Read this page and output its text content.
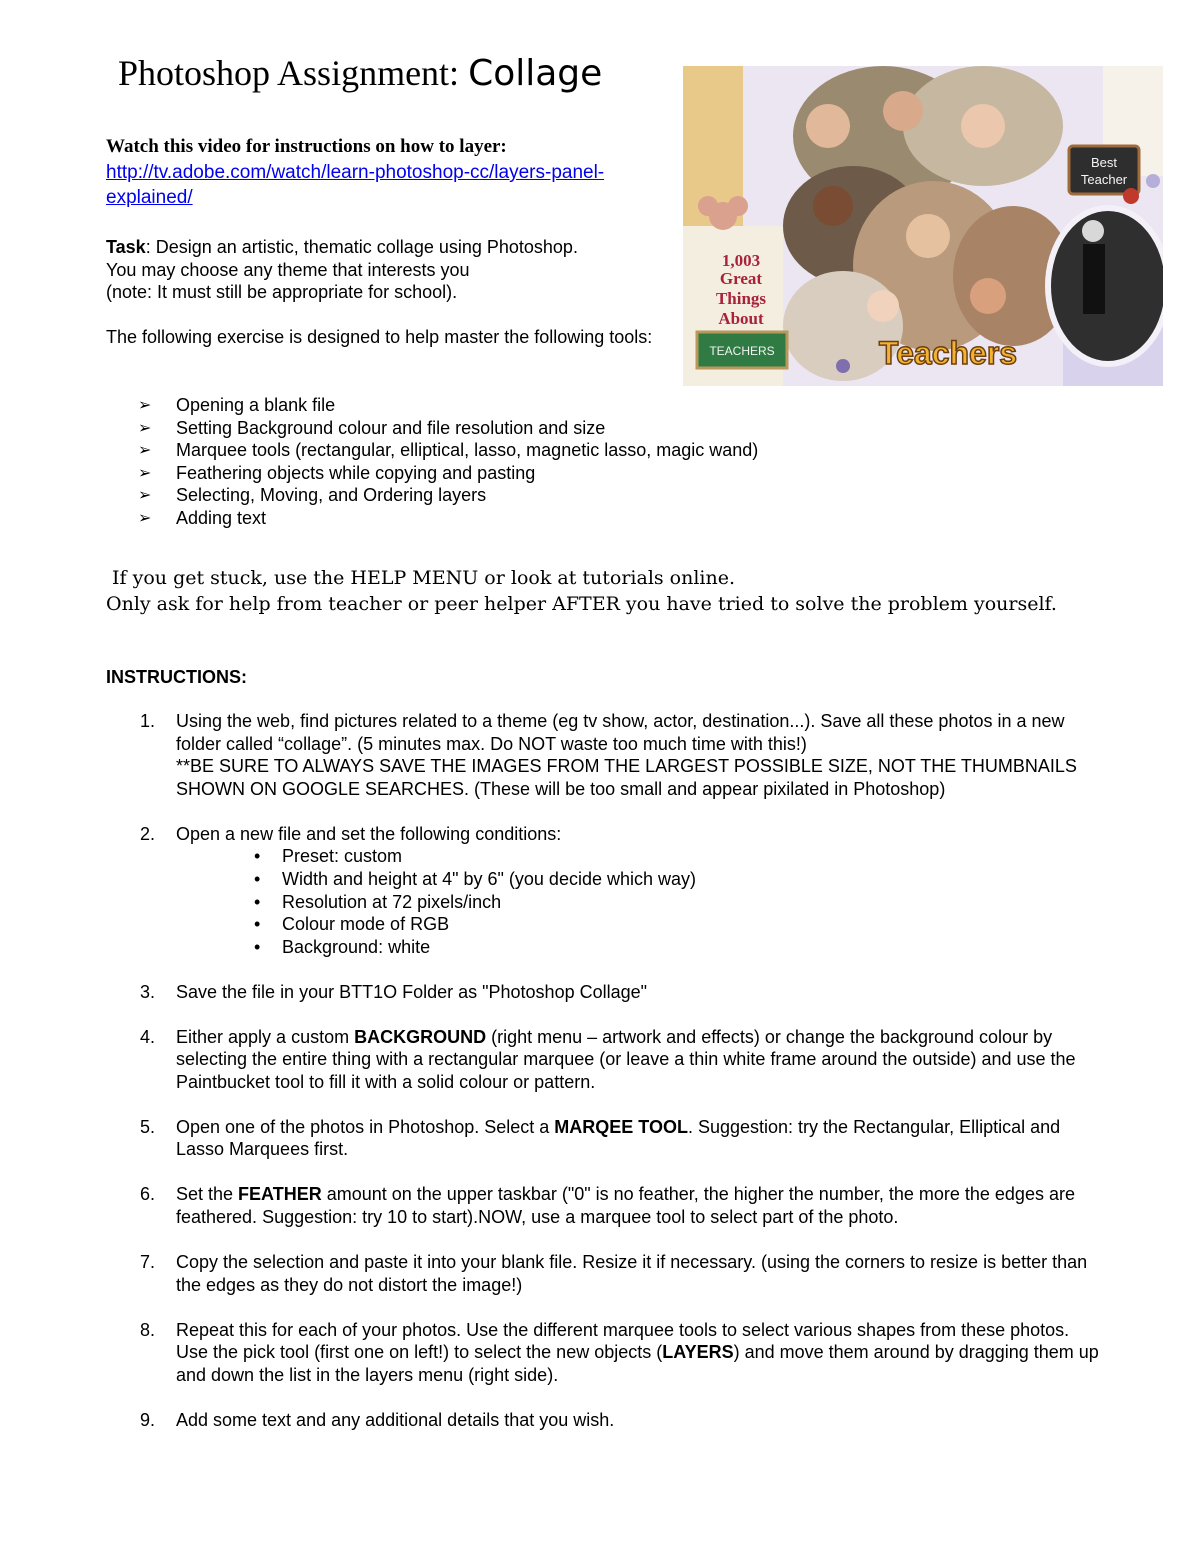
Photoshop Assignment: Collage
Watch this video for instructions on how to layer:
http://tv.adobe.com/watch/learn-photoshop-cc/layers-panel-explained/
Task: Design an artistic, thematic collage using Photoshop.
You may choose any theme that interests you
(note: It must still be appropriate for school).
The following exercise is designed to help master the following tools:
➢ Opening a blank file
➢ Setting Background colour and file resolution and size
➢ Marquee tools (rectangular, elliptical, lasso, magnetic lasso, magic wand)
➢ Feathering objects while copying and pasting
➢ Selecting, Moving, and Ordering layers
➢ Adding text
If you get stuck, use the HELP MENU or look at tutorials online.
Only ask for help from teacher or peer helper AFTER you have tried to solve the problem yourself.
INSTRUCTIONS:
1. Using the web, find pictures related to a theme (eg tv show, actor, destination...). Save all these photos in a new folder called “collage”. (5 minutes max. Do NOT waste too much time with this!)
**BE SURE TO ALWAYS SAVE THE IMAGES FROM THE LARGEST POSSIBLE SIZE, NOT THE THUMBNAILS SHOWN ON GOOGLE SEARCHES. (These will be too small and appear pixilated in Photoshop)
2. Open a new file and set the following conditions:
• Preset: custom
• Width and height at 4" by 6" (you decide which way)
• Resolution at 72 pixels/inch
• Colour mode of RGB
• Background: white
3. Save the file in your BTT1O Folder as "Photoshop Collage"
4. Either apply a custom BACKGROUND (right menu – artwork and effects) or change the background colour by selecting the entire thing with a rectangular marquee (or leave a thin white frame around the outside) and use the Paintbucket tool to fill it with a solid colour or pattern.
5. Open one of the photos in Photoshop. Select a MARQEE TOOL. Suggestion: try the Rectangular, Elliptical and Lasso Marquees first.
6. Set the FEATHER amount on the upper taskbar ("0" is no feather, the higher the number, the more the edges are feathered. Suggestion: try 10 to start).NOW, use a marquee tool to select part of the photo.
7. Copy the selection and paste it into your blank file. Resize it if necessary. (using the corners to resize is better than the edges as they do not distort the image!)
8. Repeat this for each of your photos. Use the different marquee tools to select various shapes from these photos. Use the pick tool (first one on left!) to select the new objects (LAYERS) and move them around by dragging them up and down the list in the layers menu (right side).
9. Add some text and any additional details that you wish.
Best
Teacher
1,003
Great
Things
About
TEACHERS	Teachers
